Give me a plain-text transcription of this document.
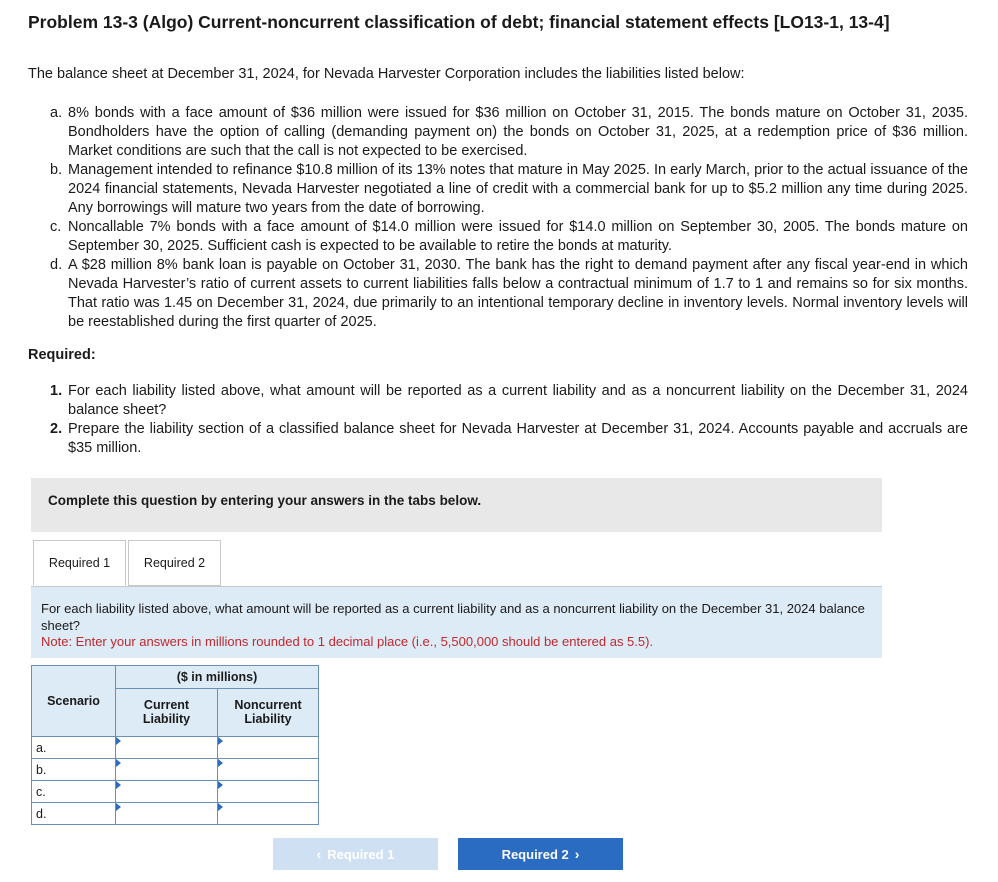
Problem 13-3 (Algo) Current-noncurrent classification of debt; financial statement effects [LO13-1, 13-4]
The balance sheet at December 31, 2024, for Nevada Harvester Corporation includes the liabilities listed below:
a. 8% bonds with a face amount of $36 million were issued for $36 million on October 31, 2015. The bonds mature on October 31, 2035. Bondholders have the option of calling (demanding payment on) the bonds on October 31, 2025, at a redemption price of $36 million. Market conditions are such that the call is not expected to be exercised.
b. Management intended to refinance $10.8 million of its 13% notes that mature in May 2025. In early March, prior to the actual issuance of the 2024 financial statements, Nevada Harvester negotiated a line of credit with a commercial bank for up to $5.2 million any time during 2025. Any borrowings will mature two years from the date of borrowing.
c. Noncallable 7% bonds with a face amount of $14.0 million were issued for $14.0 million on September 30, 2005. The bonds mature on September 30, 2025. Sufficient cash is expected to be available to retire the bonds at maturity.
d. A $28 million 8% bank loan is payable on October 31, 2030. The bank has the right to demand payment after any fiscal year-end in which Nevada Harvester’s ratio of current assets to current liabilities falls below a contractual minimum of 1.7 to 1 and remains so for six months. That ratio was 1.45 on December 31, 2024, due primarily to an intentional temporary decline in inventory levels. Normal inventory levels will be reestablished during the first quarter of 2025.
Required:
1. For each liability listed above, what amount will be reported as a current liability and as a noncurrent liability on the December 31, 2024 balance sheet?
2. Prepare the liability section of a classified balance sheet for Nevada Harvester at December 31, 2024. Accounts payable and accruals are $35 million.
Complete this question by entering your answers in the tabs below.
Required 1	Required 2
For each liability listed above, what amount will be reported as a current liability and as a noncurrent liability on the December 31, 2024 balance sheet?
Note: Enter your answers in millions rounded to 1 decimal place (i.e., 5,500,000 should be entered as 5.5).
Scenario	($ in millions)	
	Current Liability	Noncurrent Liability
a.		
b.		
c.		
d.		
‹ Required 1	Required 2 ›
